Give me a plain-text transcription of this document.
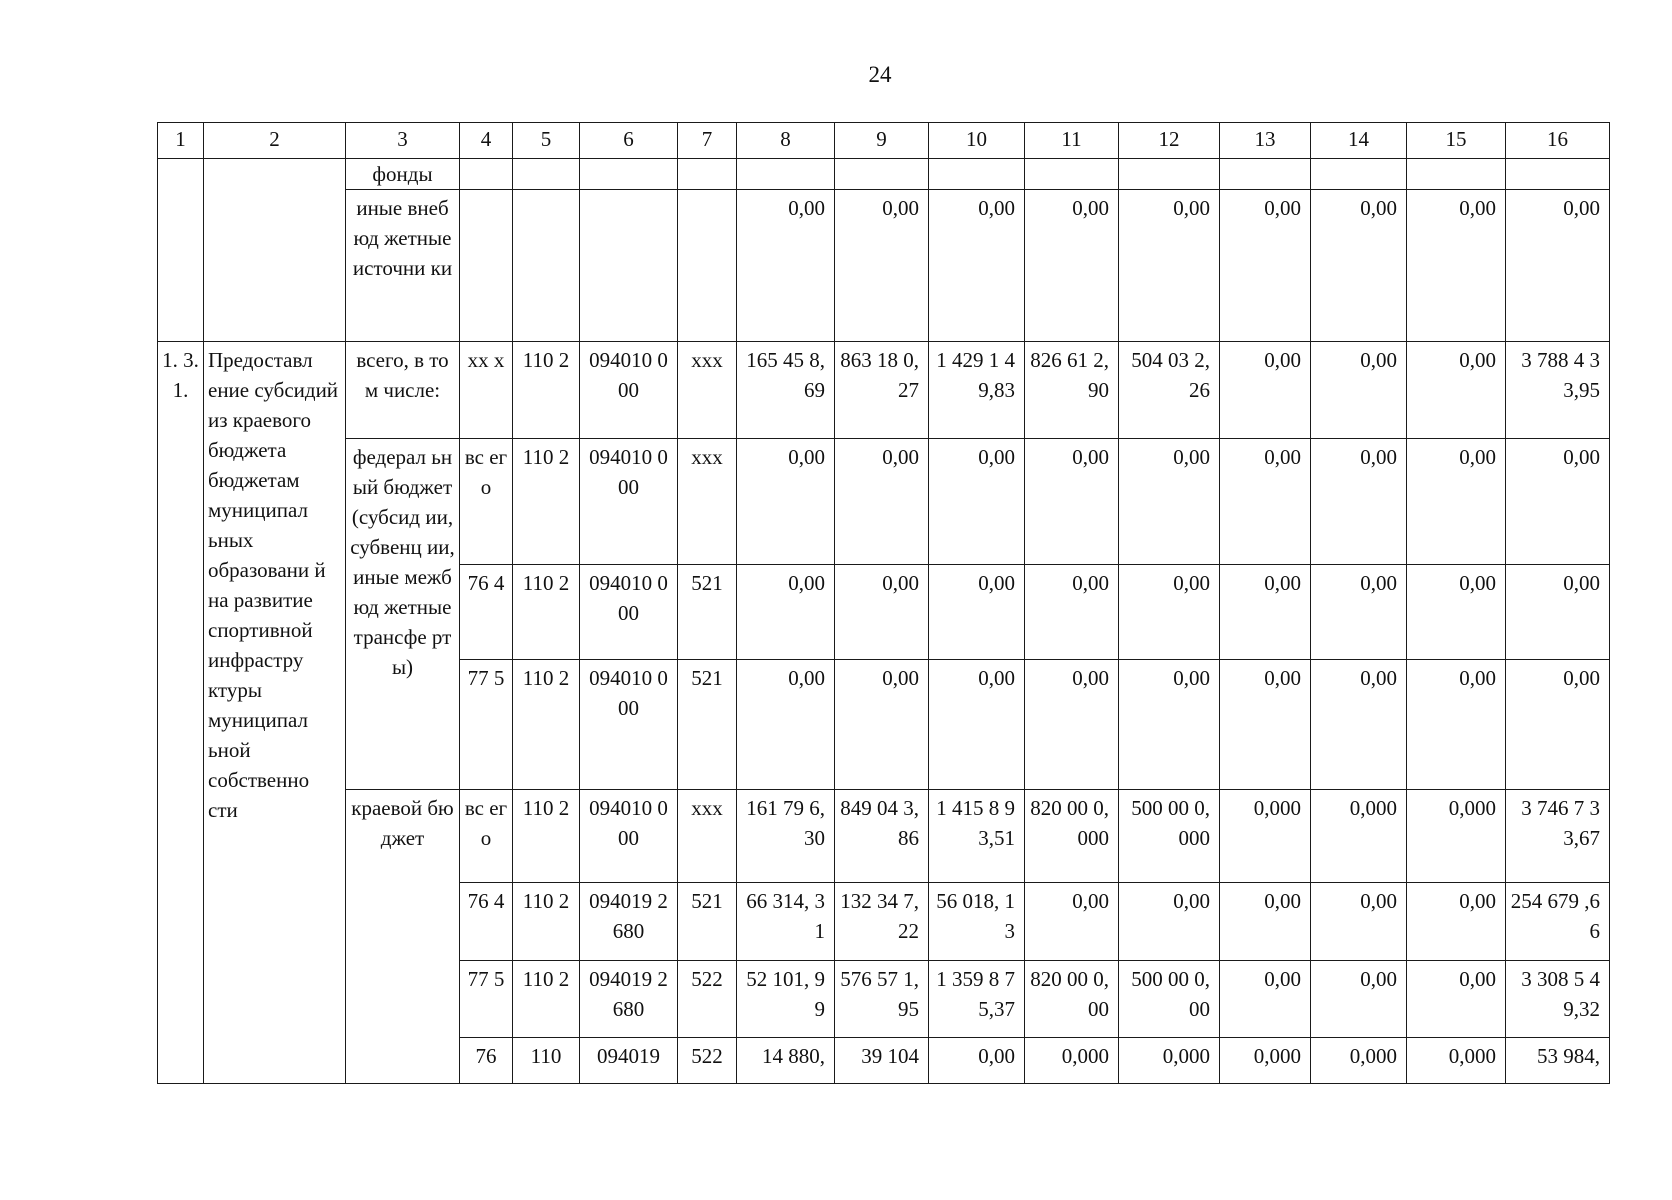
24
1	2	3	4	5	6	7	8	9	10	11	12	13	14	15	16
		фонды													
		иные внебюд жетные источни ки					0,00	0,00	0,00	0,00	0,00	0,00	0,00	0,00	0,00
1. 3. 1.	Предоставл ение субсидий из краевого бюджета бюджетам муниципал ьных образовани й на развитие спортивной инфрастру ктуры муниципал ьной собственно сти	всего, в том числе:	хх х	110 2	094010 000	ххх	165 45 8,69	863 18 0,27	1 429 1 49,83	826 61 2,90	504 03 2,26	0,00	0,00	0,00	3 788 4 33,95
		федерал ьный бюджет (субсид ии, субвенц ии, иные межбюд жетные трансфе рты)	вс ег о	110 2	094010 000	ххх	0,00	0,00	0,00	0,00	0,00	0,00	0,00	0,00	0,00
			76 4	110 2	094010 000	521	0,00	0,00	0,00	0,00	0,00	0,00	0,00	0,00	0,00
			77 5	110 2	094010 000	521	0,00	0,00	0,00	0,00	0,00	0,00	0,00	0,00	0,00
		краевой бюджет	вс ег о	110 2	094010 000	ххх	161 79 6,30	849 04 3,86	1 415 8 93,51	820 00 0,000	500 00 0,000	0,000	0,000	0,000	3 746 7 33,67
			76 4	110 2	094019 2680	521	66 314, 31	132 34 7,22	56 018, 13	0,00	0,00	0,00	0,00	0,00	254 679 ,66
			77 5	110 2	094019 2680	522	52 101, 99	576 57 1,95	1 359 8 75,37	820 00 0,00	500 00 0,00	0,00	0,00	0,00	3 308 5 49,32
			76	110	094019	522	14 880,	39 104	0,00	0,000	0,000	0,000	0,000	0,000	53 984,
